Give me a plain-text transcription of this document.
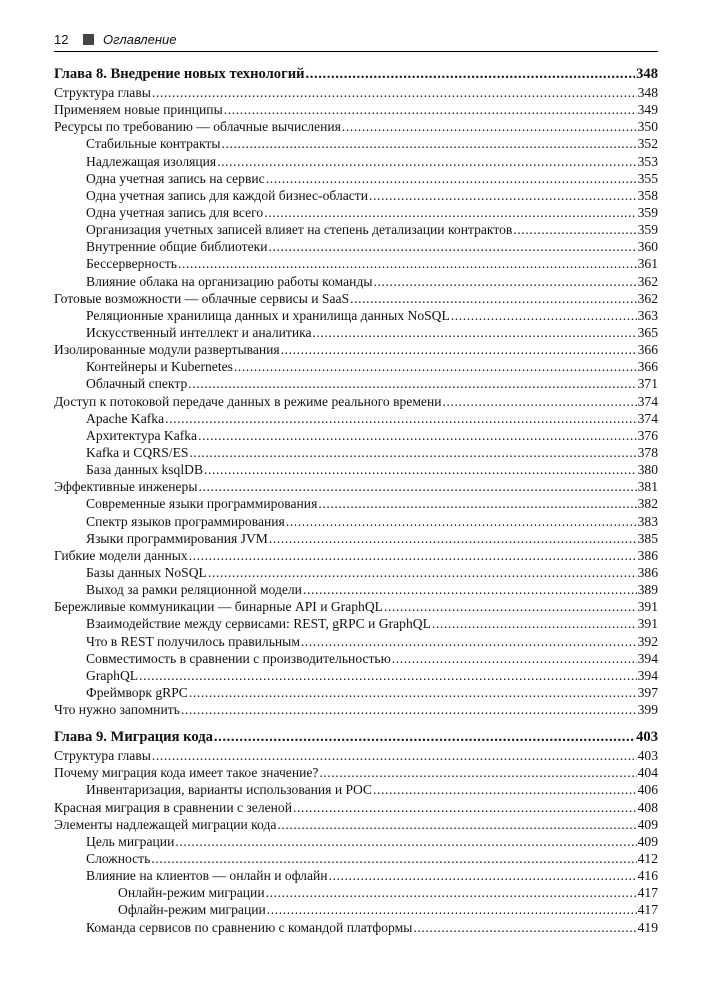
12	Оглавление
Глава 8. Внедрение новых технологий .....	348
Структура главы .....	348
Применяем новые принципы .....	349
Ресурсы по требованию — облачные вычисления .....	350
Стабильные контракты .....	352
Надлежащая изоляция .....	353
Одна учетная запись на сервис .....	355
Одна учетная запись для каждой бизнес-области .....	358
Одна учетная запись для всего .....	359
Организация учетных записей влияет на степень детализации контрактов .....	359
Внутренние общие библиотеки .....	360
Бессерверность .....	361
Влияние облака на организацию работы команды .....	362
Готовые возможности — облачные сервисы и SaaS .....	362
Реляционные хранилища данных и хранилища данных NoSQL .....	363
Искусственный интеллект и аналитика .....	365
Изолированные модули развертывания .....	366
Контейнеры и Kubernetes .....	366
Облачный спектр .....	371
Доступ к потоковой передаче данных в режиме реального времени .....	374
Apache Kafka .....	374
Архитектура Kafka .....	376
Kafka и CQRS/ES .....	378
База данных ksqlDB .....	380
Эффективные инженеры .....	381
Современные языки программирования .....	382
Спектр языков программирования .....	383
Языки программирования JVM .....	385
Гибкие модели данных .....	386
Базы данных NoSQL .....	386
Выход за рамки реляционной модели .....	389
Бережливые коммуникации — бинарные API и GraphQL .....	391
Взаимодействие между сервисами: REST, gRPC и GraphQL .....	391
Что в REST получилось правильным .....	392
Совместимость в сравнении с производительностью .....	394
GraphQL .....	394
Фреймворк gRPC .....	397
Что нужно запомнить .....	399
Глава 9. Миграция кода .....	403
Структура главы .....	403
Почему миграция кода имеет такое значение? .....	404
Инвентаризация, варианты использования и POC .....	406
Красная миграция в сравнении с зеленой .....	408
Элементы надлежащей миграции кода .....	409
Цель миграции .....	409
Сложность .....	412
Влияние на клиентов — онлайн и офлайн .....	416
Онлайн-режим миграции .....	417
Офлайн-режим миграции .....	417
Команда сервисов по сравнению с командой платформы .....	419
